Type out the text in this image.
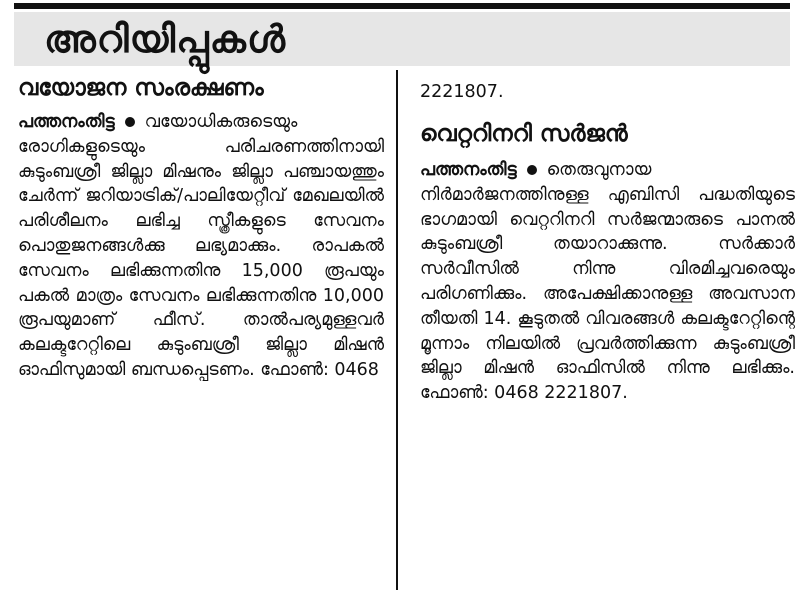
അറിയിപ്പുകൾ
വയോജന സംരക്ഷണം

പത്തനംതിട്ട വയോധികരുടെയും രോഗികളുടെയും പരിചരണത്തിനായി കുടുംബശ്രീ ജില്ലാ മിഷനും ജില്ലാ പഞ്ചായത്തും ചേർന്ന് ജറിയാട്രിക്/പാലിയേറ്റീവ് മേഖലയിൽ പരിശീലനം ലഭിച്ച സ്ത്രീകളുടെ സേവനം പൊതുജനങ്ങൾക്കു ലഭ്യമാക്കും. രാപകൽ സേവനം ലഭിക്കുന്നതിനു 15,000 രൂപയും പകൽ മാത്രം സേവനം ലഭിക്കുന്നതിനു 10,000 രൂപയുമാണ് ഫീസ്. താൽപര്യമുള്ളവർ കലക്ടറേറ്റിലെ കുടുംബശ്രീ ജില്ലാ മിഷൻ ഓഫിസുമായി ബന്ധപ്പെടണം. ഫോൺ: 0468

2221807.
വെറ്ററിനറി സർജൻ

പത്തനംതിട്ട തെരുവുനായ നിർമാർജനത്തിനുള്ള എബിസി പദ്ധതിയുടെ ഭാഗമായി വെറ്ററിനറി സർജന്മാരുടെ പാനൽ കുടുംബശ്രീ തയാറാക്കുന്നു. സർക്കാർ സർവീസിൽ നിന്നു വിരമിച്ചവരെയും പരിഗണിക്കും. അപേക്ഷിക്കാനുള്ള അവസാന തീയതി 14. കൂടുതൽ വിവരങ്ങൾ കലക്ടറേറ്റിന്റെ മൂന്നാം നിലയിൽ പ്രവർത്തിക്കുന്ന കുടുംബശ്രീ ജില്ലാ മിഷൻ ഓഫിസിൽ നിന്നു ലഭിക്കും. ഫോൺ: 0468 2221807.
